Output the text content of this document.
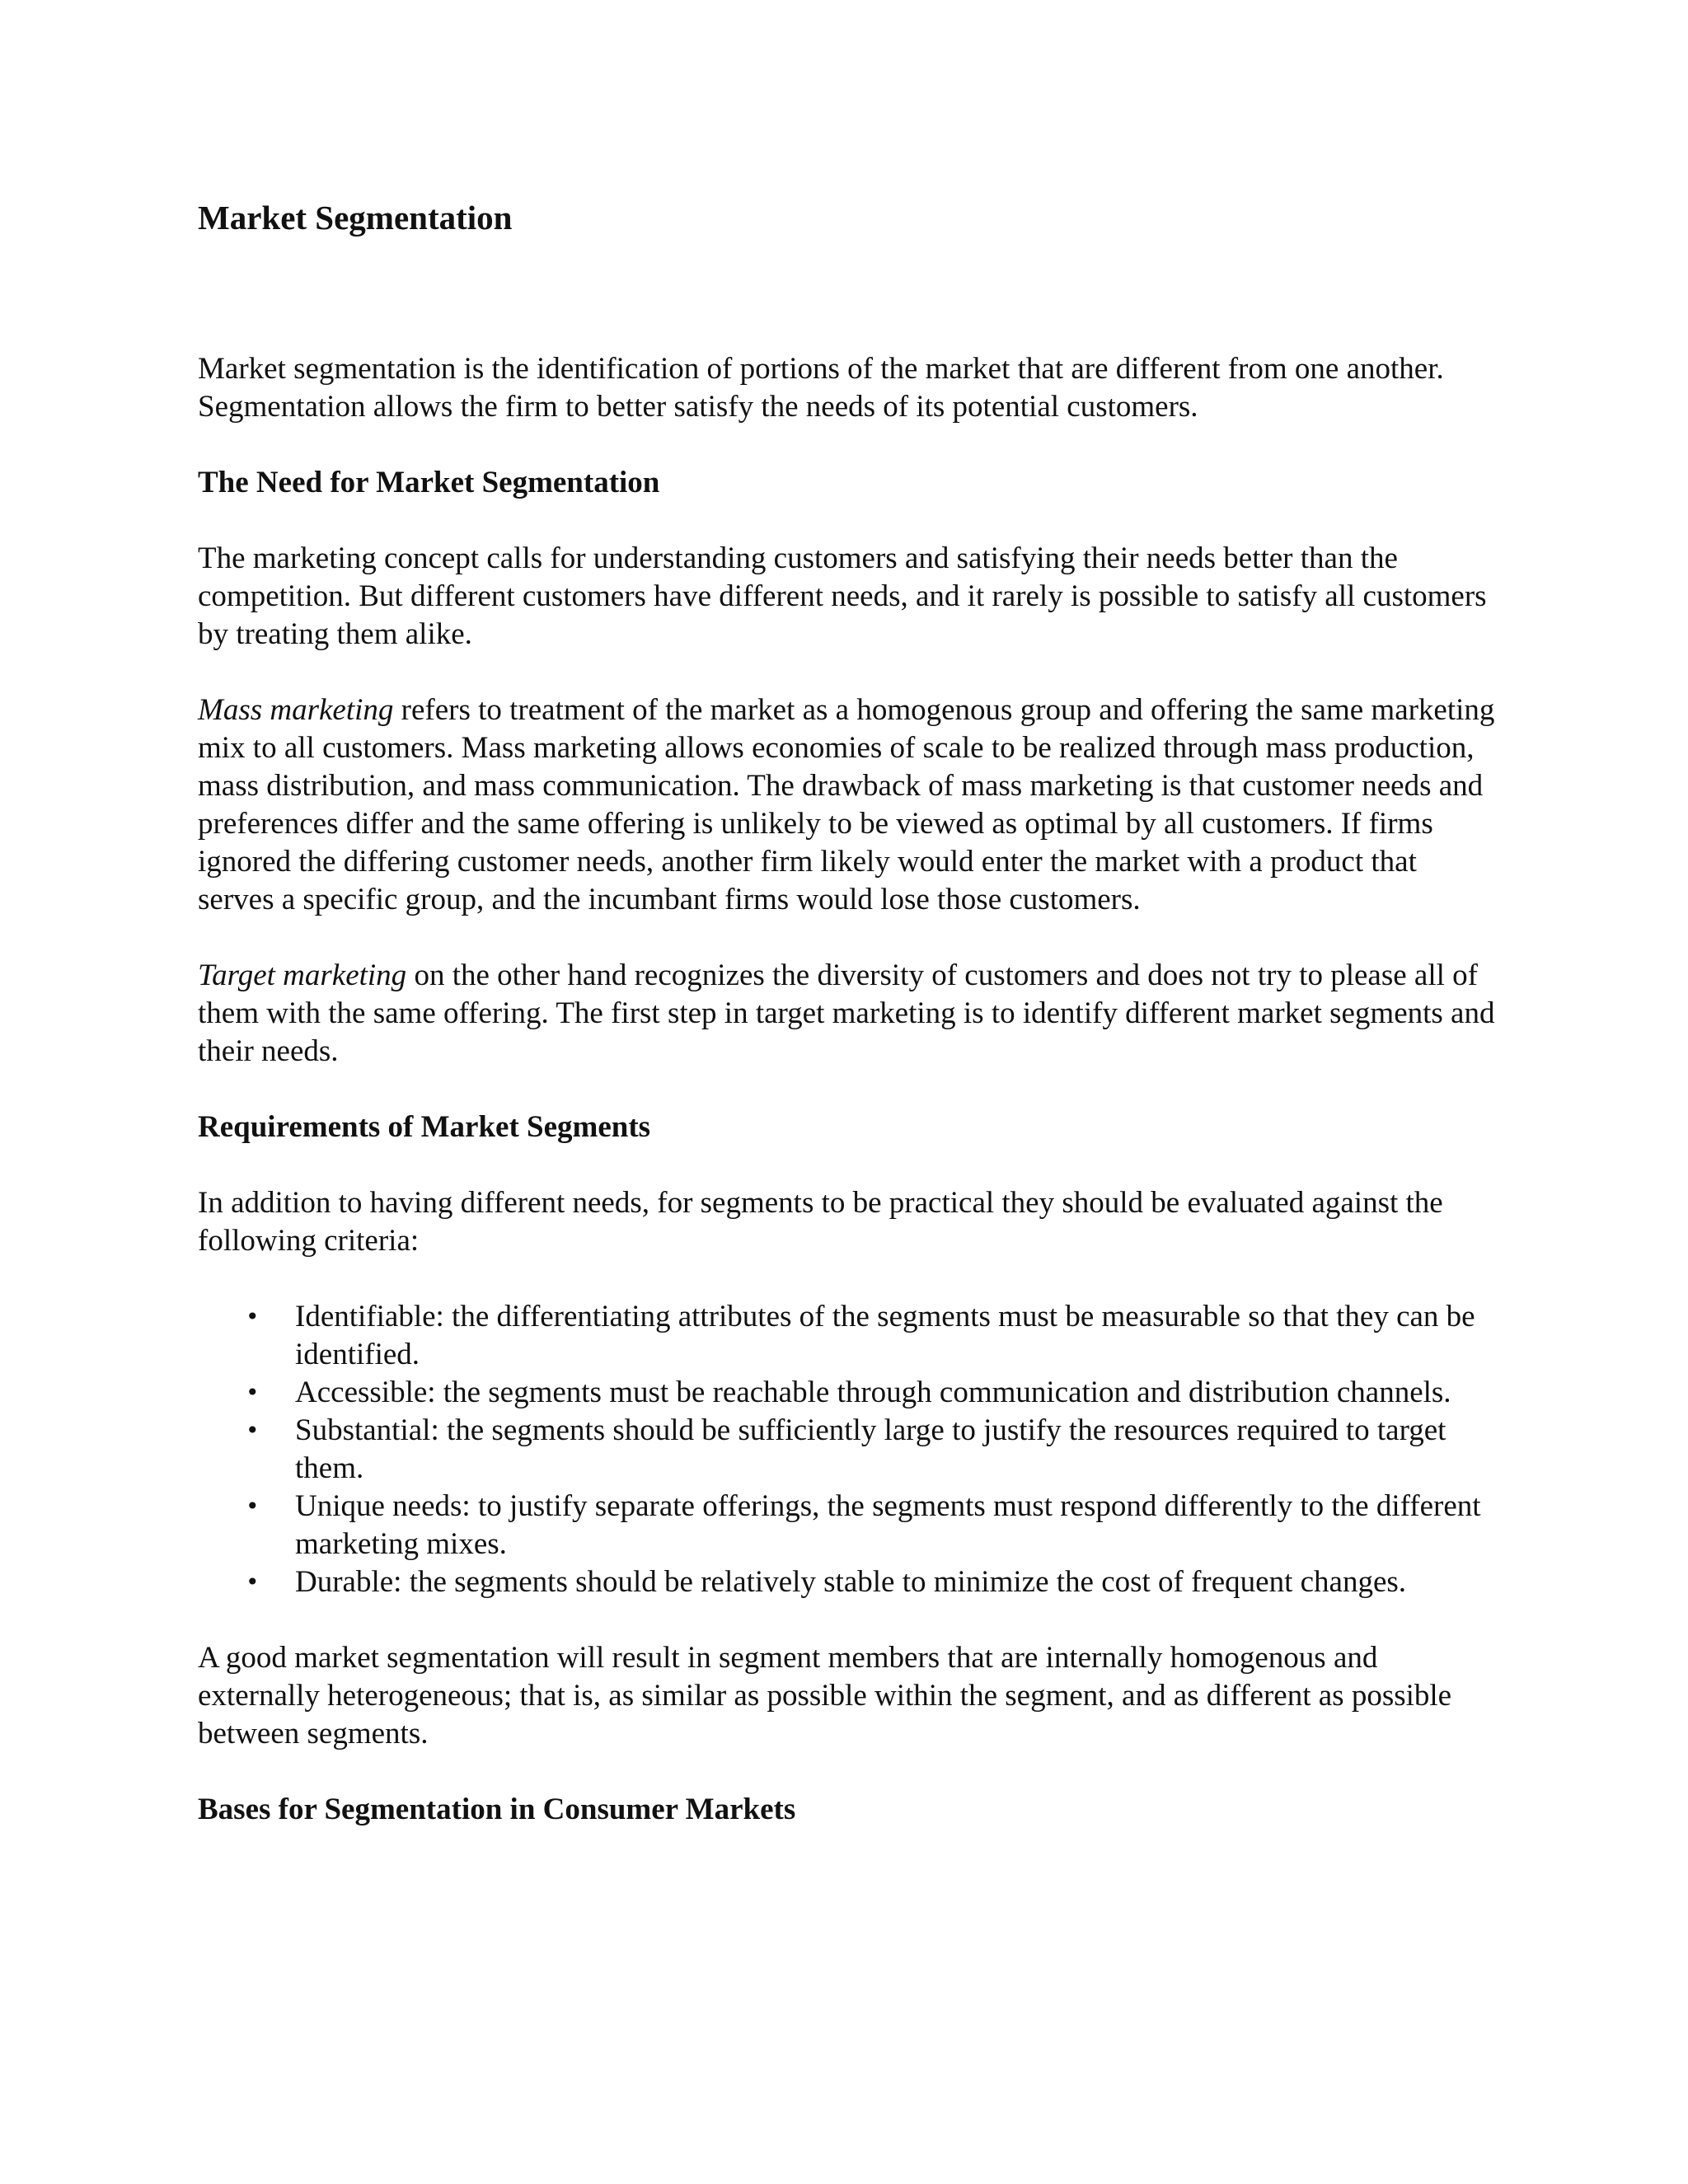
Market Segmentation

Market segmentation is the identification of portions of the market that are different from one another. Segmentation allows the firm to better satisfy the needs of its potential customers.

The Need for Market Segmentation

The marketing concept calls for understanding customers and satisfying their needs better than the competition. But different customers have different needs, and it rarely is possible to satisfy all customers by treating them alike.

Mass marketing refers to treatment of the market as a homogenous group and offering the same marketing mix to all customers. Mass marketing allows economies of scale to be realized through mass production, mass distribution, and mass communication. The drawback of mass marketing is that customer needs and preferences differ and the same offering is unlikely to be viewed as optimal by all customers. If firms ignored the differing customer needs, another firm likely would enter the market with a product that serves a specific group, and the incumbant firms would lose those customers.

Target marketing on the other hand recognizes the diversity of customers and does not try to please all of them with the same offering. The first step in target marketing is to identify different market segments and their needs.

Requirements of Market Segments

In addition to having different needs, for segments to be practical they should be evaluated against the following criteria:

• Identifiable: the differentiating attributes of the segments must be measurable so that they can be identified.
• Accessible: the segments must be reachable through communication and distribution channels.
• Substantial: the segments should be sufficiently large to justify the resources required to target them.
• Unique needs: to justify separate offerings, the segments must respond differently to the different marketing mixes.
• Durable: the segments should be relatively stable to minimize the cost of frequent changes.

A good market segmentation will result in segment members that are internally homogenous and externally heterogeneous; that is, as similar as possible within the segment, and as different as possible between segments.

Bases for Segmentation in Consumer Markets
